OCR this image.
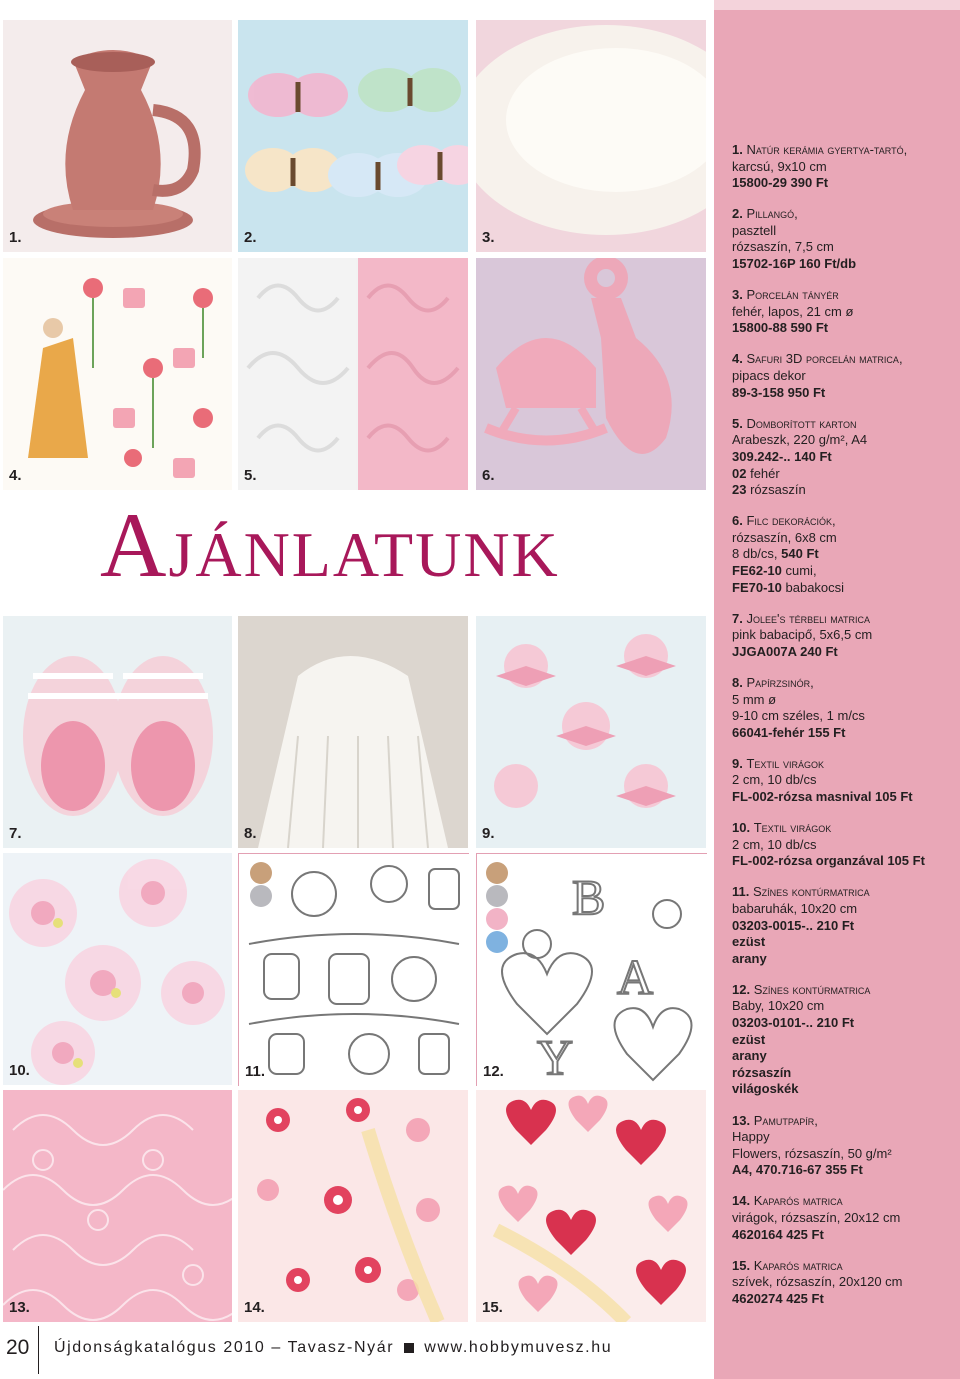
1.	2.	3.
4.	5.	6.
Ajánlatunk
7.	8.	9.
10.	11.
B
A
Y
12.
13.	14.	15.
1. Natúr kerámia gyertya-tartó,
karcsú, 9x10 cm
15800-29 390 Ft
2. Pillangó,
pasztell
rózsaszín, 7,5 cm
15702-16P 160 Ft/db
3. Porcelán tányér
fehér, lapos, 21 cm ø
15800-88 590 Ft
4. Safuri 3D porcelán matrica,
pipacs dekor
89-3-158 950 Ft
5. Domborított karton
Arabeszk, 220 g/m², A4
309.242-.. 140 Ft
02 fehér
23 rózsaszín
6. Filc dekorációk,
rózsaszín, 6x8 cm
8 db/cs, 540 Ft
FE62-10 cumi,
FE70-10 babakocsi
7. Jolee's térbeli matrica
pink babacipő, 5x6,5 cm
JJGA007A 240 Ft
8. Papírzsinór,
5 mm ø
9-10 cm széles, 1 m/cs
66041-fehér 155 Ft
9. Textil virágok
2 cm, 10 db/cs
FL-002-rózsa masnival 105 Ft
10. Textil virágok
2 cm, 10 db/cs
FL-002-rózsa organzával 105 Ft
11. Színes kontúrmatrica
babaruhák, 10x20 cm
03203-0015-.. 210 Ft
ezüst
arany
12. Színes kontúrmatrica
Baby, 10x20 cm
03203-0101-.. 210 Ft
ezüst
arany
rózsaszín
világoskék
13. Pamutpapír,
Happy
Flowers, rózsaszín, 50 g/m²
A4, 470.716-67 355 Ft
14. Kaparós matrica
virágok, rózsaszín, 20x12 cm
4620164 425 Ft
15. Kaparós matrica
szívek, rózsaszín, 20x120 cm
4620274 425 Ft
20 Újdonságkatalógus 2010 – Tavasz-Nyár www.hobbymuvesz.hu
